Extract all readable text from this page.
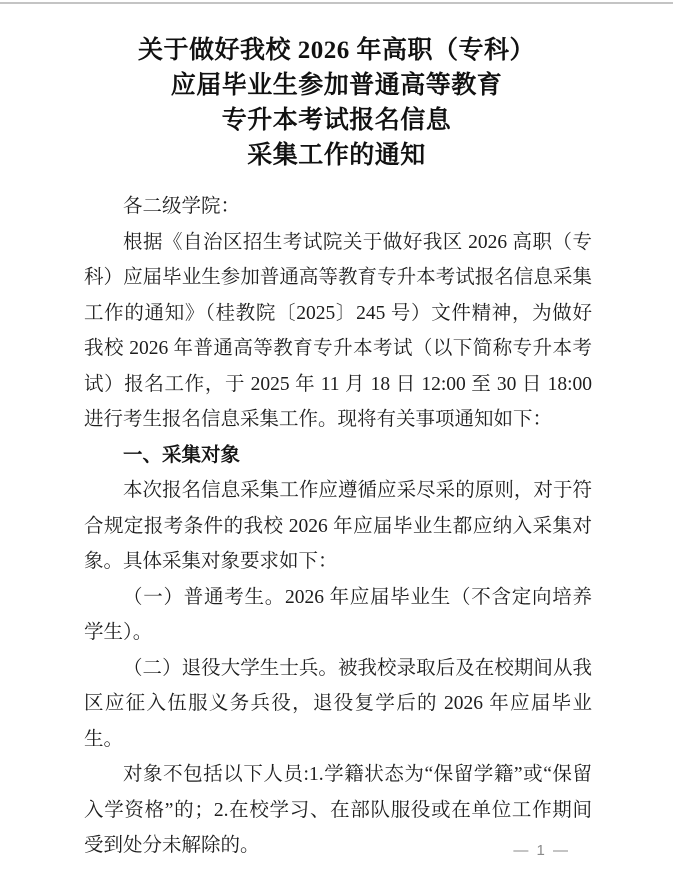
关于做好我校 2026 年高职（专科）
应届毕业生参加普通高等教育
专升本考试报名信息
采集工作的通知

各二级学院：

根据《自治区招生考试院关于做好我区 2026 高职（专科）应届毕业生参加普通高等教育专升本考试报名信息采集工作的通知》（桂教院〔2025〕245 号）文件精神，为做好我校 2026 年普通高等教育专升本考试（以下简称专升本考试）报名工作，于 2025 年 11 月 18 日 12:00 至 30 日 18:00 进行考生报名信息采集工作。现将有关事项通知如下：

一、采集对象

本次报名信息采集工作应遵循应采尽采的原则，对于符合规定报考条件的我校 2026 年应届毕业生都应纳入采集对象。具体采集对象要求如下：

（一）普通考生。2026 年应届毕业生（不含定向培养学生）。

（二）退役大学生士兵。被我校录取后及在校期间从我区应征入伍服义务兵役，退役复学后的 2026 年应届毕业生。

对象不包括以下人员:1.学籍状态为“保留学籍”或“保留入学资格”的；2.在校学习、在部队服役或在单位工作期间受到处分未解除的。	— 1 —
